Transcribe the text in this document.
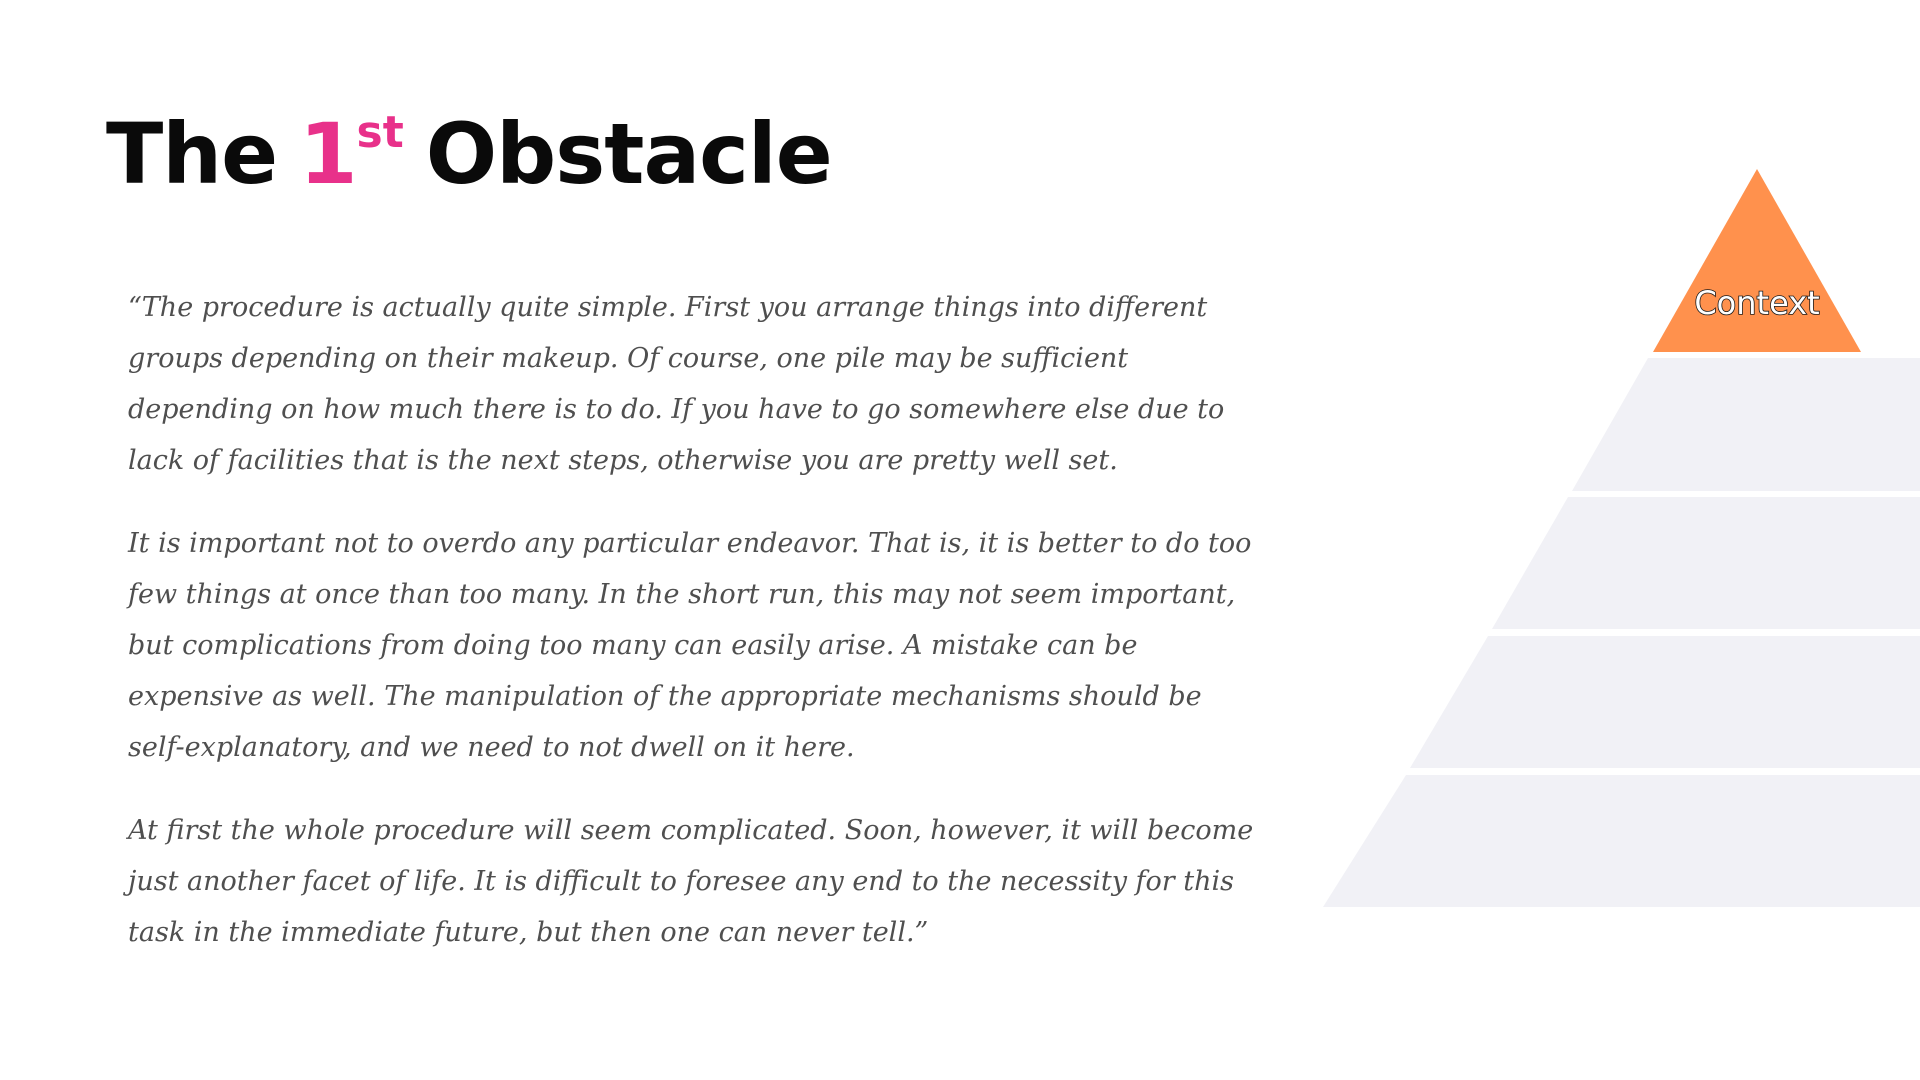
The 1st Obstacle

“The procedure is actually quite simple. First you arrange things into different groups depending on their makeup. Of course, one pile may be sufficient depending on how much there is to do. If you have to go somewhere else due to lack of facilities that is the next steps, otherwise you are pretty well set.

It is important not to overdo any particular endeavor. That is, it is better to do too few things at once than too many. In the short run, this may not seem important, but complications from doing too many can easily arise. A mistake can be expensive as well. The manipulation of the appropriate mechanisms should be self-explanatory, and we need to not dwell on it here.

At first the whole procedure will seem complicated. Soon, however, it will become just another facet of life. It is difficult to foresee any end to the necessity for this task in the immediate future, but then one can never tell.”

Context
